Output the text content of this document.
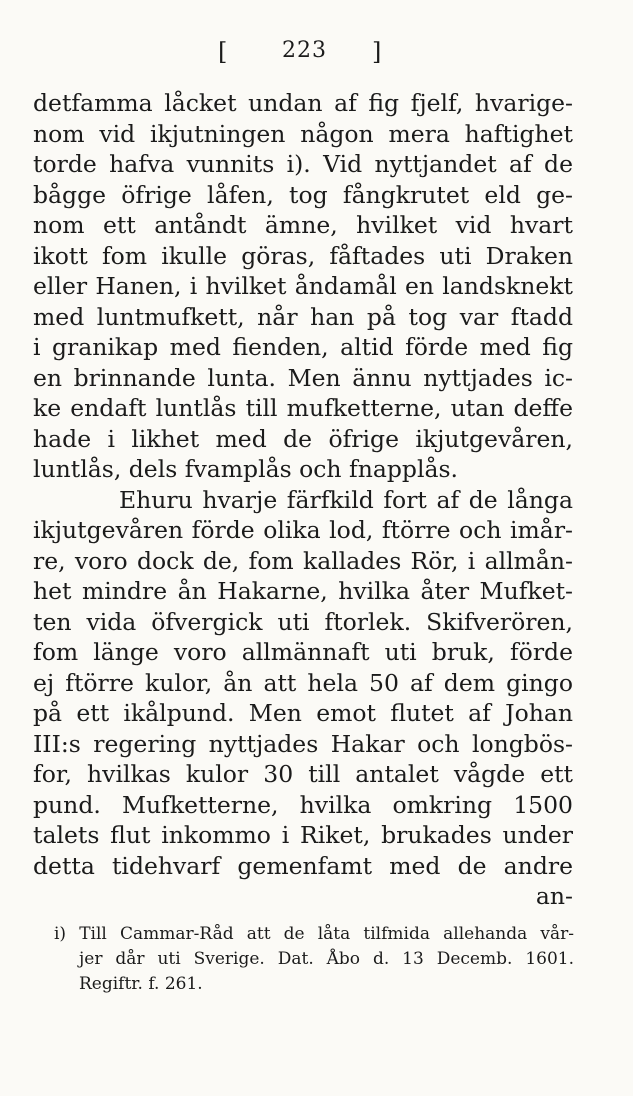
[ 223 ]
detfamma låcket undan af fig fjelf, hvarige-
nom vid ikjutningen någon mera haftighet
torde hafva vunnits i). Vid nyttjandet af de
bågge öfrige låfen, tog fångkrutet eld ge-
nom ett antåndt ämne, hvilket vid hvart
ikott fom ikulle göras, fåftades uti Draken
eller Hanen, i hvilket åndamål en landsknekt
med luntmufkett, når han på tog var ftadd
i granikap med fienden, altid förde med fig
en brinnande lunta. Men ännu nyttjades ic-
ke endaft luntlås till mufketterne, utan deffe
hade i likhet med de öfrige ikjutgevåren,
luntlås, dels fvamplås och fnapplås.
Ehuru hvarje färfkild fort af de långa
ikjutgevåren förde olika lod, ftörre och imår-
re, voro dock de, fom kallades Rör, i allmån-
het mindre ån Hakarne, hvilka åter Mufket-
ten vida öfvergick uti ftorlek. Skifverören,
fom länge voro allmännaft uti bruk, förde
ej ftörre kulor, ån att hela 50 af dem gingo
på ett ikålpund. Men emot flutet af Johan
III:s regering nyttjades Hakar och longbös-
for, hvilkas kulor 30 till antalet vågde ett
pund. Mufketterne, hvilka omkring 1500
talets flut inkommo i Riket, brukades under
detta tidehvarf gemenfamt med de andre
an-
i) Till Cammar-Råd att de låta tilfmida allehanda vår-
jer dår uti Sverige. Dat. Åbo d. 13 Decemb. 1601.
Regiftr. f. 261.
